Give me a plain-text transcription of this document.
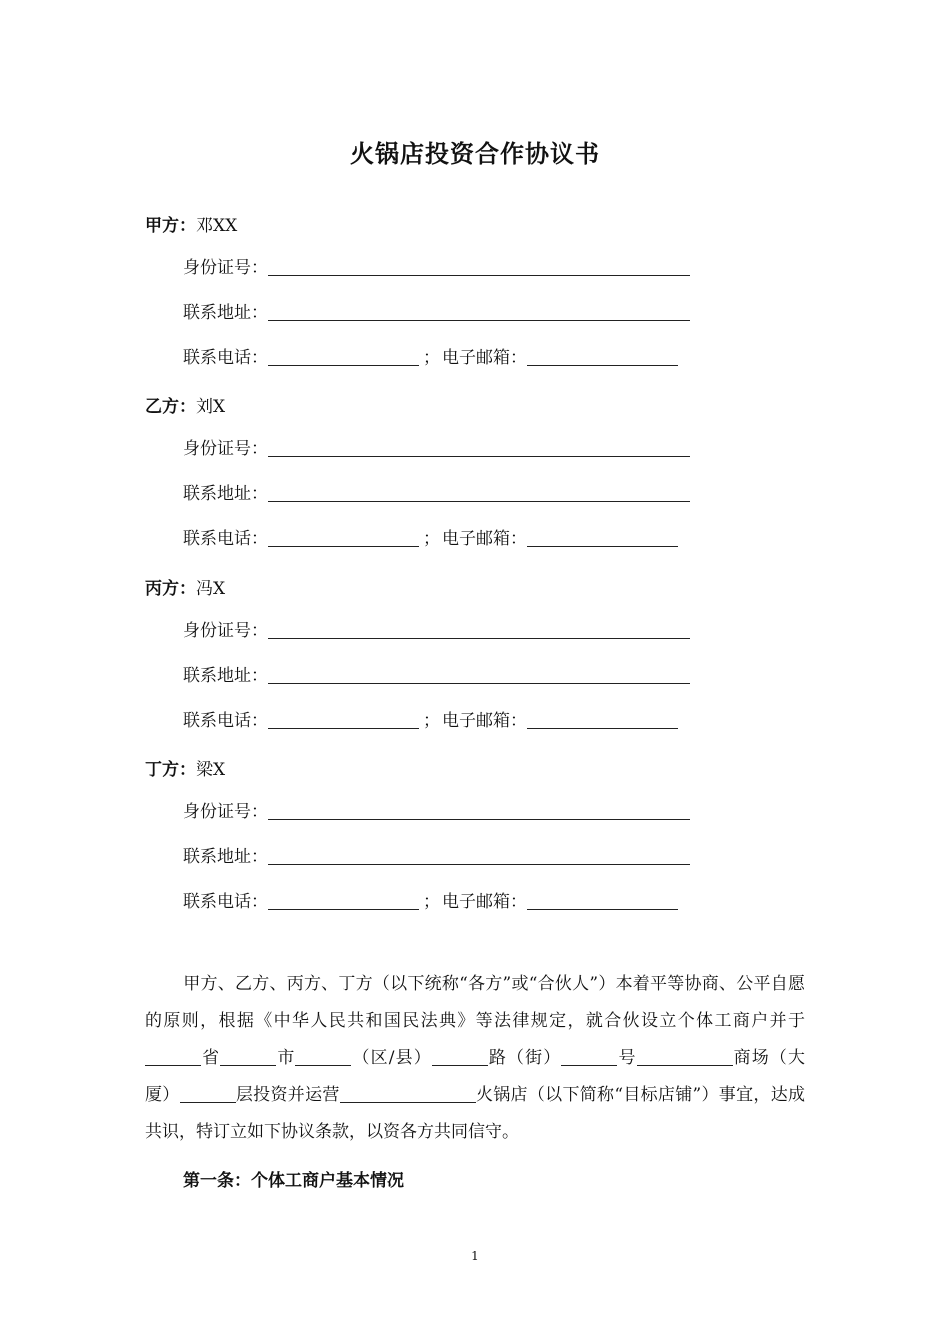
火锅店投资合作协议书
甲方：邓XX
身份证号：
联系地址：
联系电话：	； 电子邮箱：
乙方：刘X
身份证号：
联系地址：
联系电话：	； 电子邮箱：
丙方：冯X
身份证号：
联系地址：
联系电话：	； 电子邮箱：
丁方：梁X
身份证号：
联系地址：
联系电话：	； 电子邮箱：
甲方、乙方、丙方、丁方（以下统称“各方”或“合伙人”）本着平等协商、公平自愿的原则，根据《中华人民共和国民法典》等法律规定，就合伙设立个体工商户并于省	市	（区/县）	路（街）	号	商场（大厦）	层投资并运营	火锅店（以下简称“目标店铺”）事宜，达成共识，特订立如下协议条款，以资各方共同信守。
第一条：个体工商户基本情况
1
